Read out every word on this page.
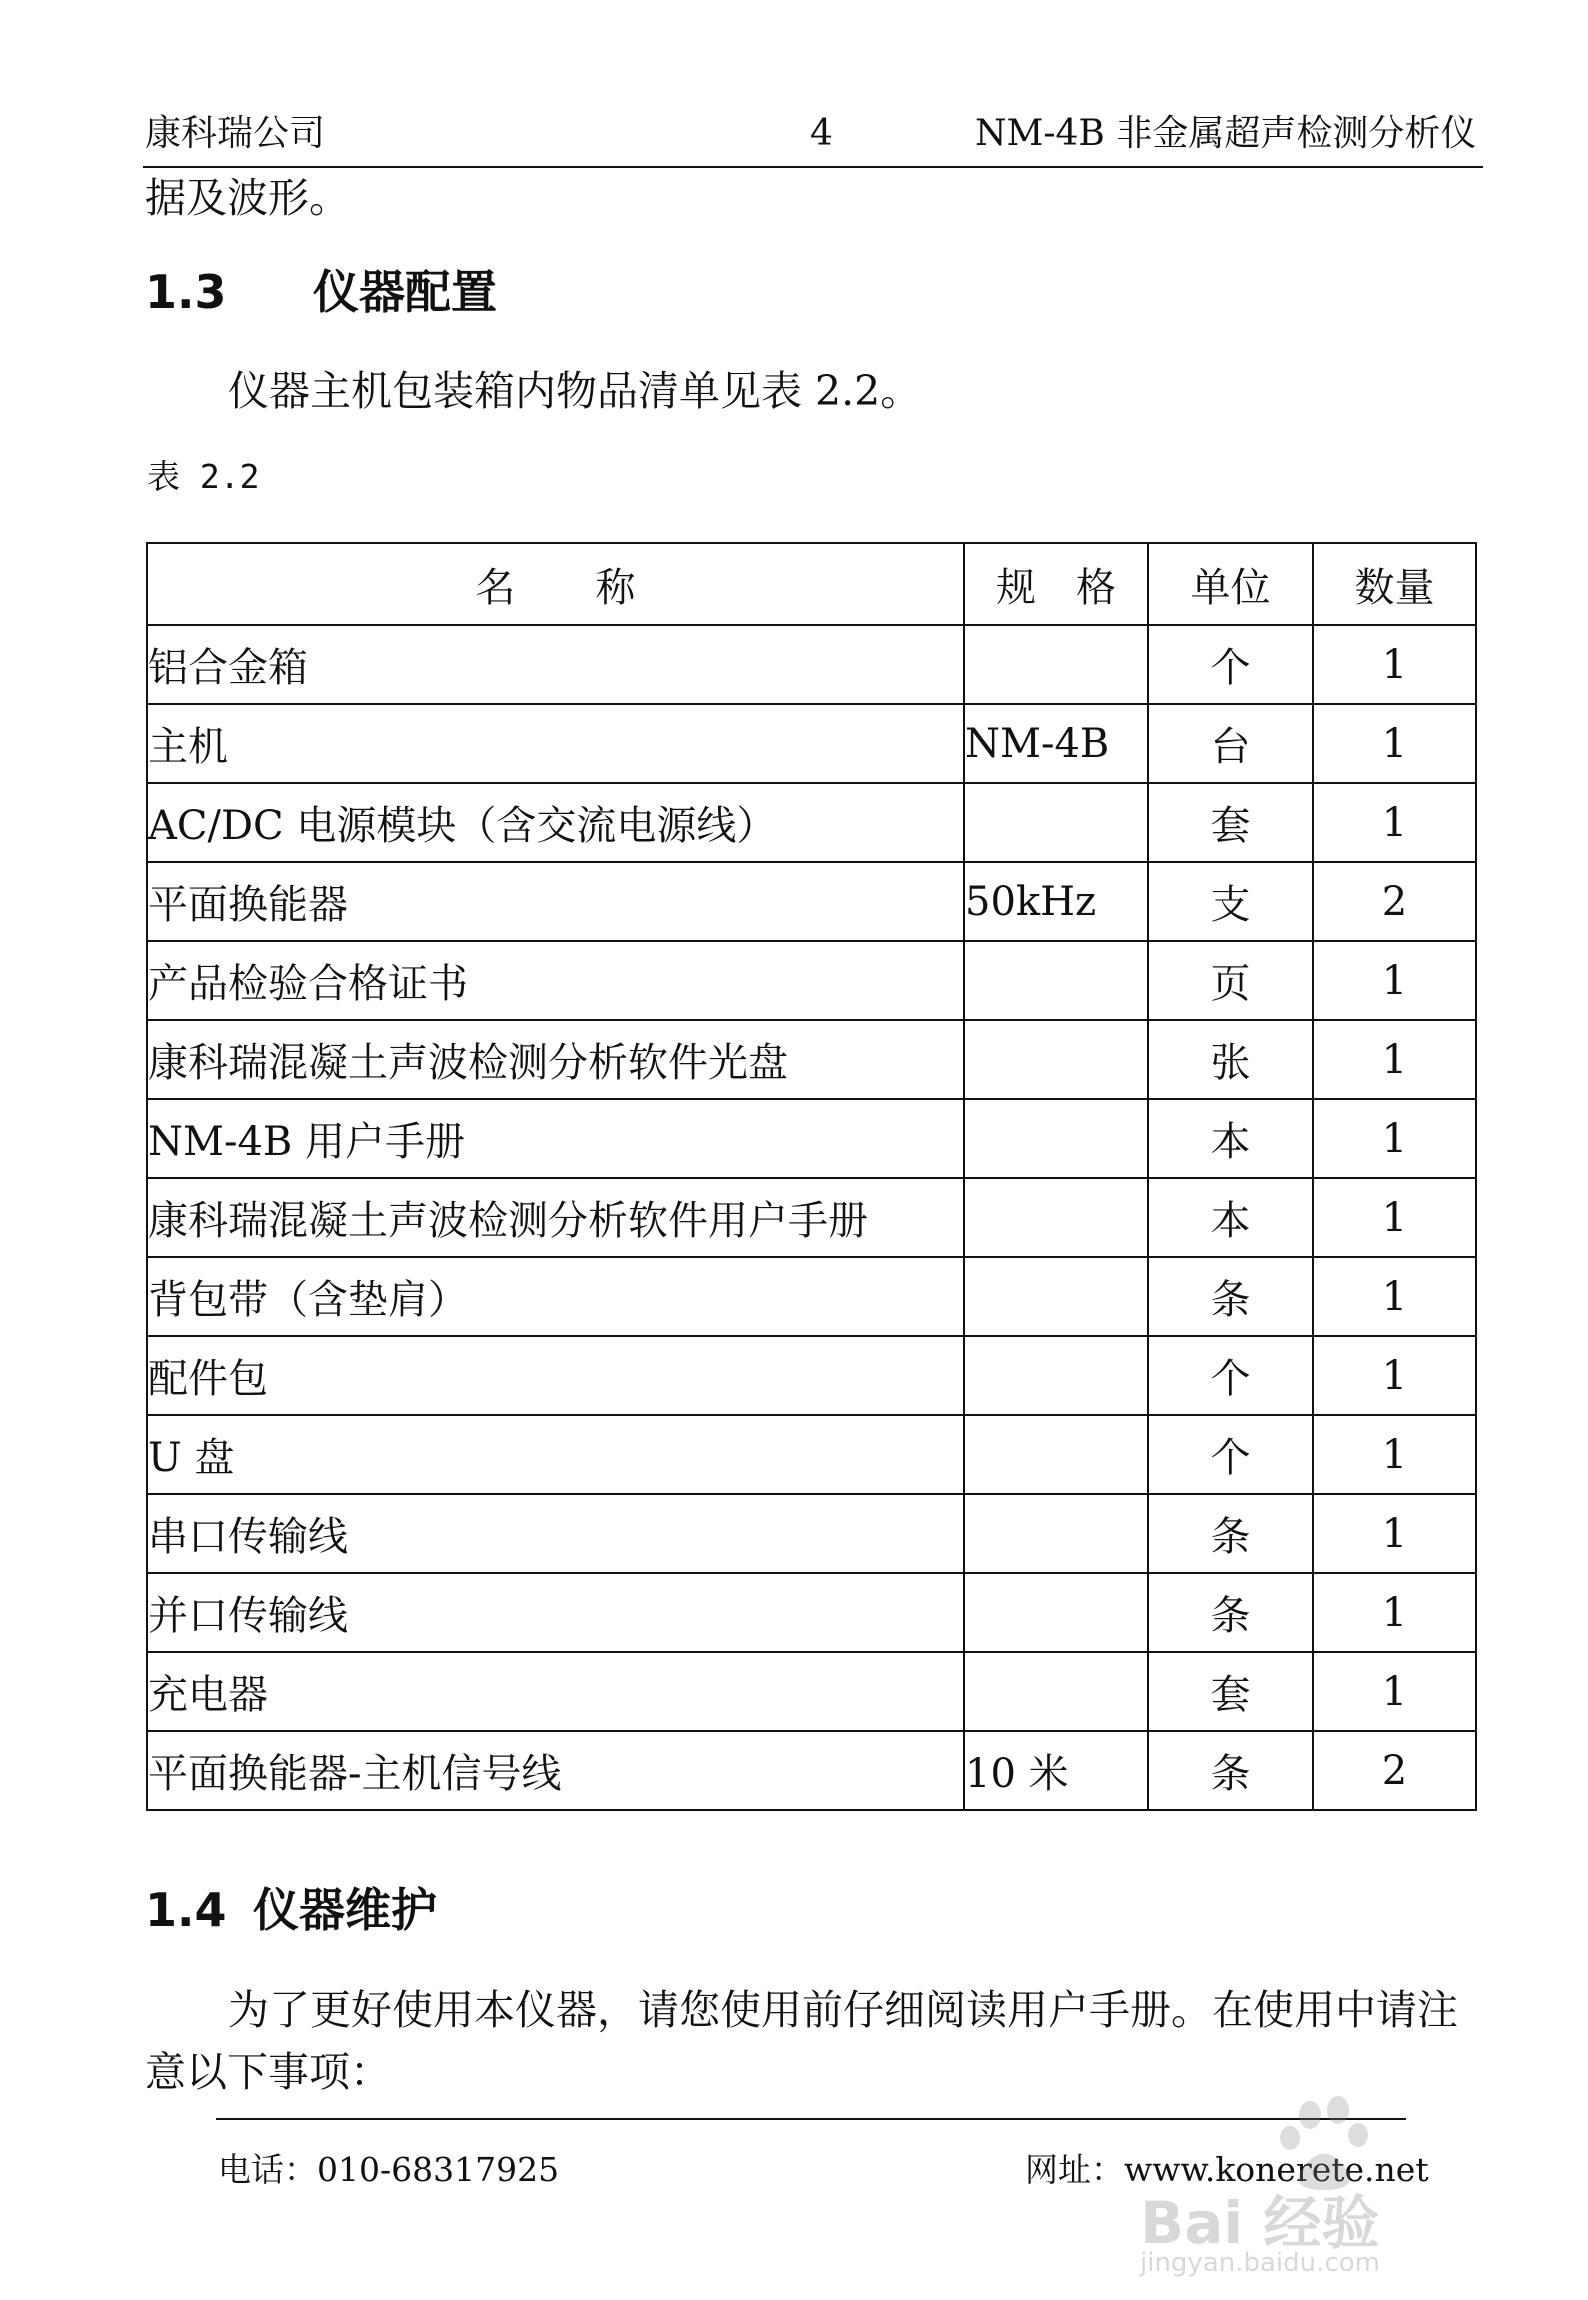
康科瑞公司	4	NM-4B 非金属超声检测分析仪
据及波形。
1.3 仪器配置
仪器主机包装箱内物品清单见表 2.2。
表 2.2
名　　称	规　格	单位	数量
铝合金箱		个	1
主机	NM-4B	台	1
AC/DC 电源模块（含交流电源线）		套	1
平面换能器	50kHz	支	2
产品检验合格证书		页	1
康科瑞混凝土声波检测分析软件光盘		张	1
NM-4B 用户手册		本	1
康科瑞混凝土声波检测分析软件用户手册		本	1
背包带（含垫肩）		条	1
配件包		个	1
U 盘		个	1
串口传输线		条	1
并口传输线		条	1
充电器		套	1
平面换能器-主机信号线	10 米	条	2
1.4 仪器维护
为了更好使用本仪器，请您使用前仔细阅读用户手册。在使用中请注
意以下事项：
电话：010-68317925	网址：www.konerete.net
Bai 经验
jingyan.baidu.com
